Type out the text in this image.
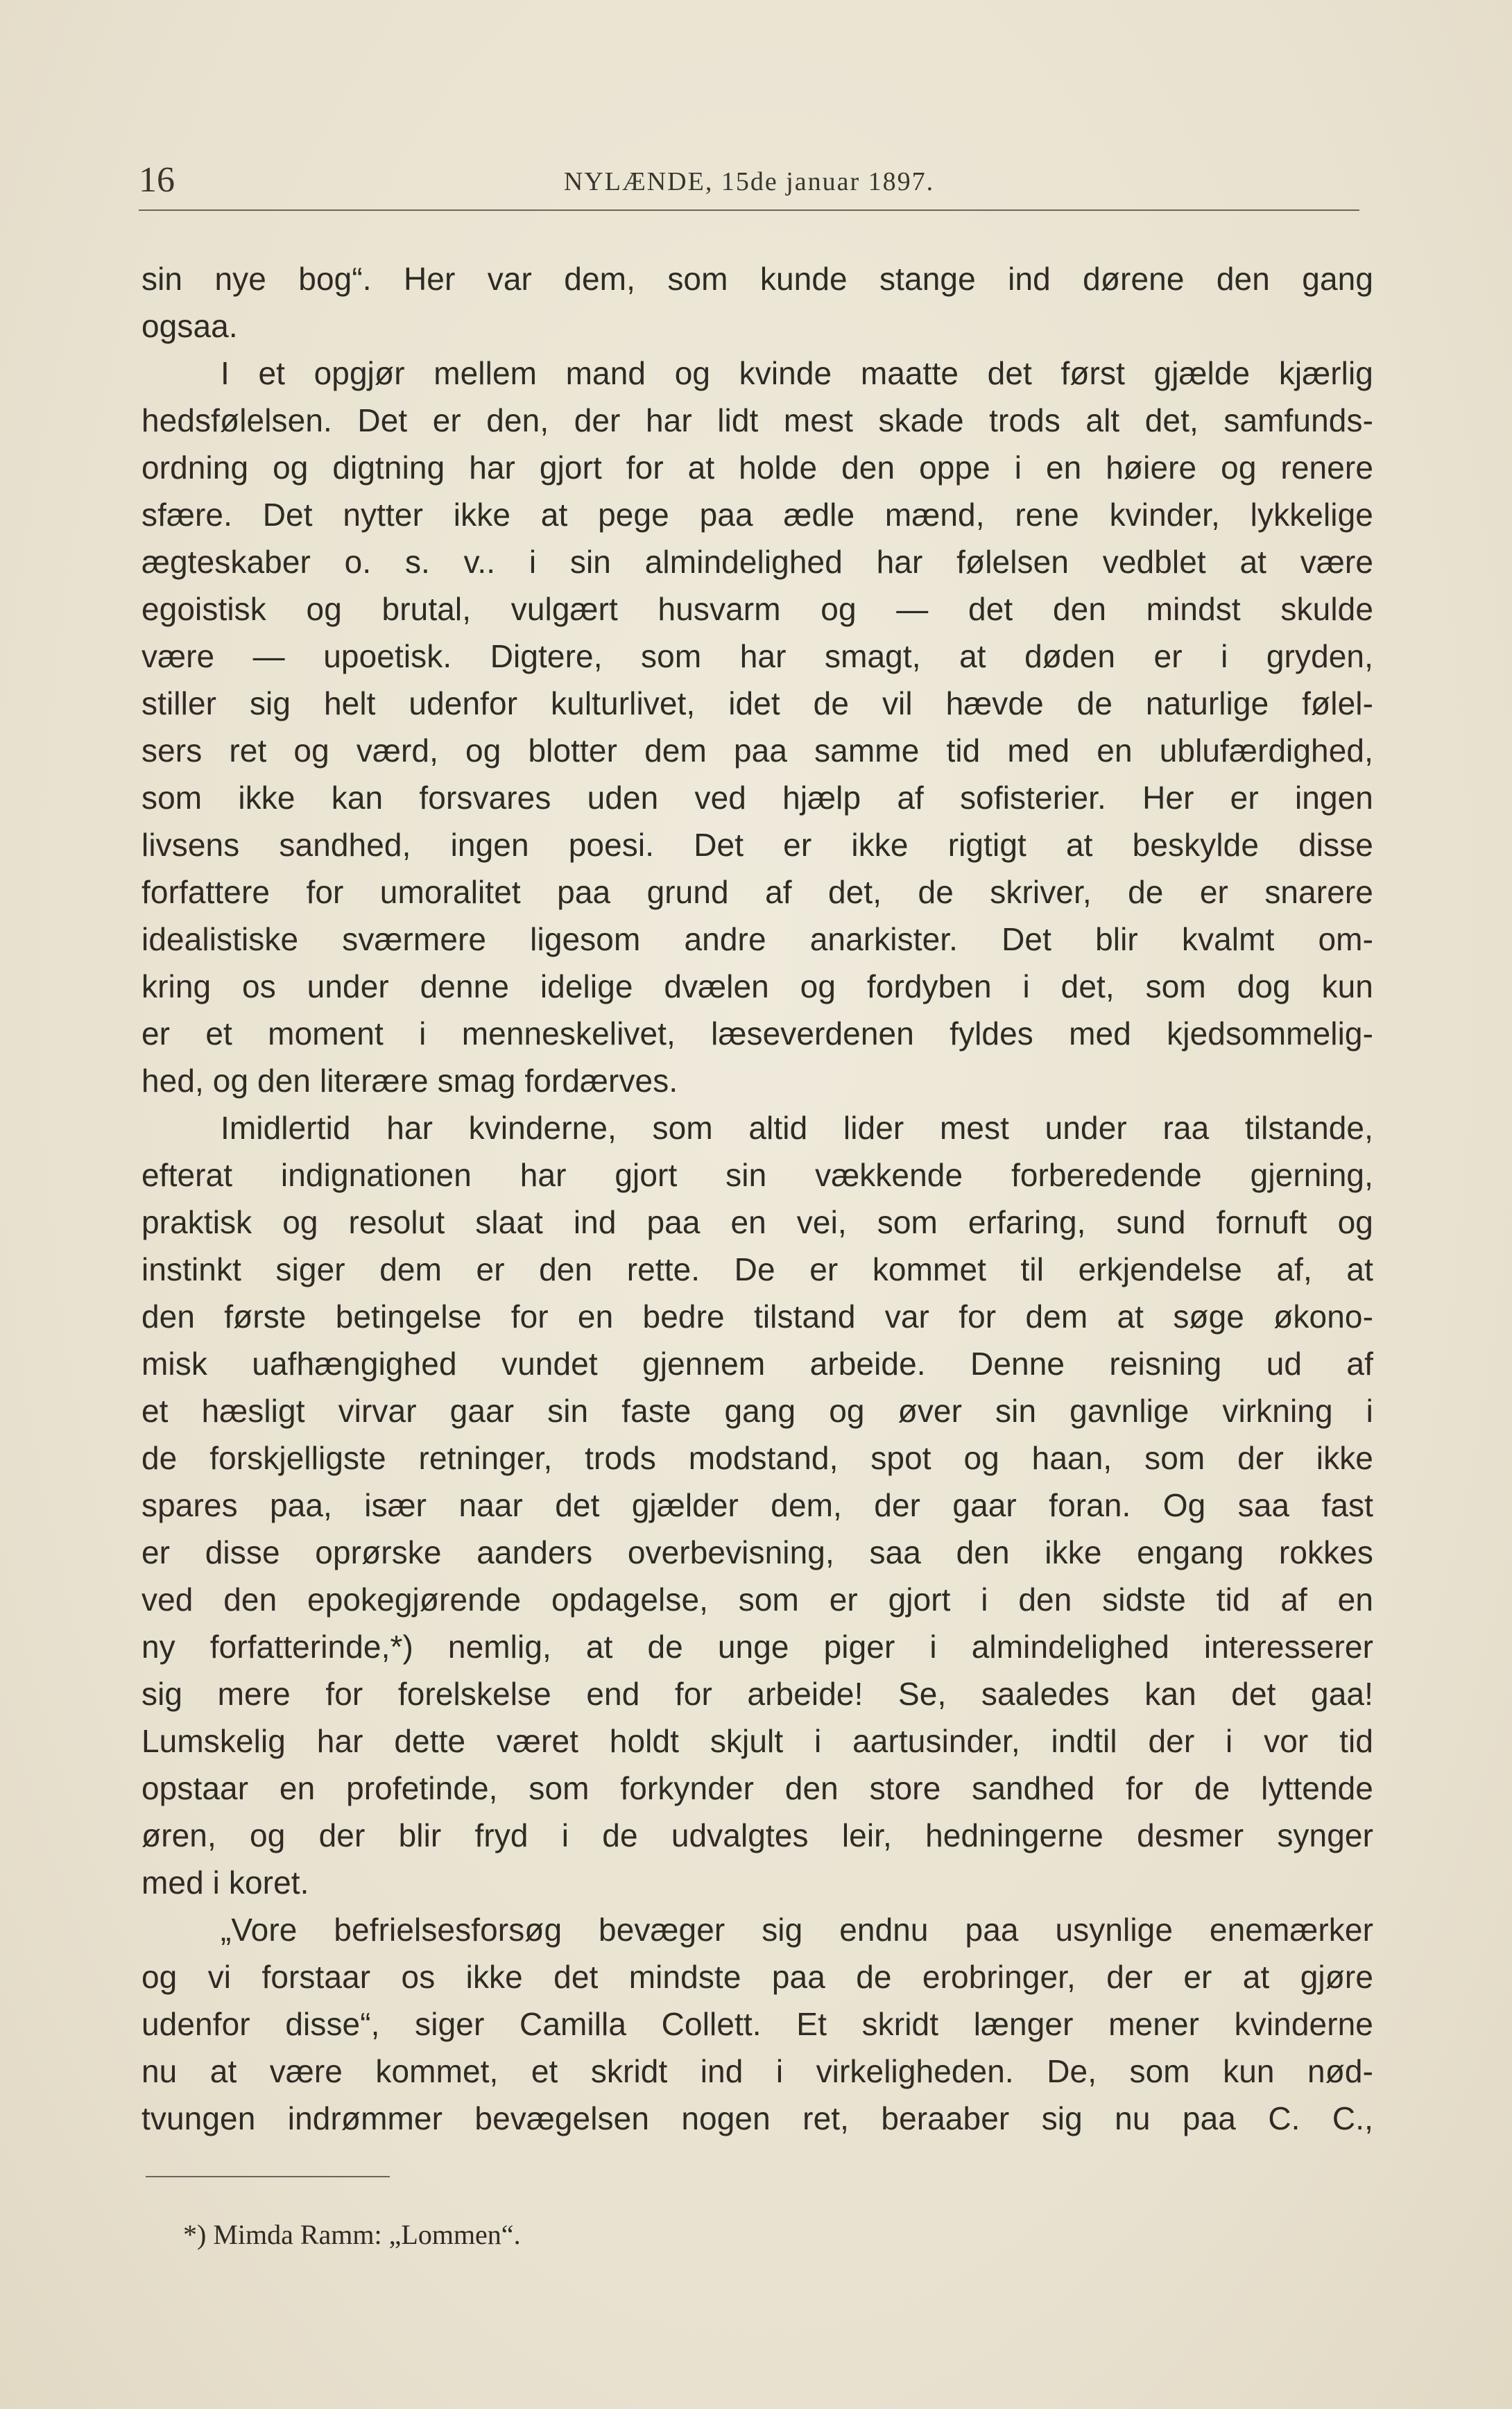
16	NYLÆNDE, 15de januar 1897.
sin nye bog“. Her var dem, som kunde stange ind dørene den gang
ogsaa.
I et opgjør mellem mand og kvinde maatte det først gjælde kjærlig
hedsfølelsen. Det er den, der har lidt mest skade trods alt det, samfunds-
ordning og digtning har gjort for at holde den oppe i en høiere og renere
sfære. Det nytter ikke at pege paa ædle mænd, rene kvinder, lykkelige
ægteskaber o. s. v.. i sin almindelighed har følelsen vedblet at være
egoistisk og brutal, vulgært husvarm og — det den mindst skulde
være — upoetisk. Digtere, som har smagt, at døden er i gryden,
stiller sig helt udenfor kulturlivet, idet de vil hævde de naturlige følel-
sers ret og værd, og blotter dem paa samme tid med en ublufærdighed,
som ikke kan forsvares uden ved hjælp af sofisterier. Her er ingen
livsens sandhed, ingen poesi. Det er ikke rigtigt at beskylde disse
forfattere for umoralitet paa grund af det, de skriver, de er snarere
idealistiske sværmere ligesom andre anarkister. Det blir kvalmt om-
kring os under denne idelige dvælen og fordyben i det, som dog kun
er et moment i menneskelivet, læseverdenen fyldes med kjedsommelig-
hed, og den literære smag fordærves.
Imidlertid har kvinderne, som altid lider mest under raa tilstande,
efterat indignationen har gjort sin vækkende forberedende gjerning,
praktisk og resolut slaat ind paa en vei, som erfaring, sund fornuft og
instinkt siger dem er den rette. De er kommet til erkjendelse af, at
den første betingelse for en bedre tilstand var for dem at søge økono-
misk uafhængighed vundet gjennem arbeide. Denne reisning ud af
et hæsligt virvar gaar sin faste gang og øver sin gavnlige virkning i
de forskjelligste retninger, trods modstand, spot og haan, som der ikke
spares paa, især naar det gjælder dem, der gaar foran. Og saa fast
er disse oprørske aanders overbevisning, saa den ikke engang rokkes
ved den epokegjørende opdagelse, som er gjort i den sidste tid af en
ny forfatterinde,*) nemlig, at de unge piger i almindelighed interesserer
sig mere for forelskelse end for arbeide! Se, saaledes kan det gaa!
Lumskelig har dette været holdt skjult i aartusinder, indtil der i vor tid
opstaar en profetinde, som forkynder den store sandhed for de lyttende
øren, og der blir fryd i de udvalgtes leir, hedningerne desmer synger
med i koret.
„Vore befrielsesforsøg bevæger sig endnu paa usynlige enemærker
og vi forstaar os ikke det mindste paa de erobringer, der er at gjøre
udenfor disse“, siger Camilla Collett. Et skridt længer mener kvinderne
nu at være kommet, et skridt ind i virkeligheden. De, som kun nød-
tvungen indrømmer bevægelsen nogen ret, beraaber sig nu paa C. C.,
*) Mimda Ramm: „Lommen“.
